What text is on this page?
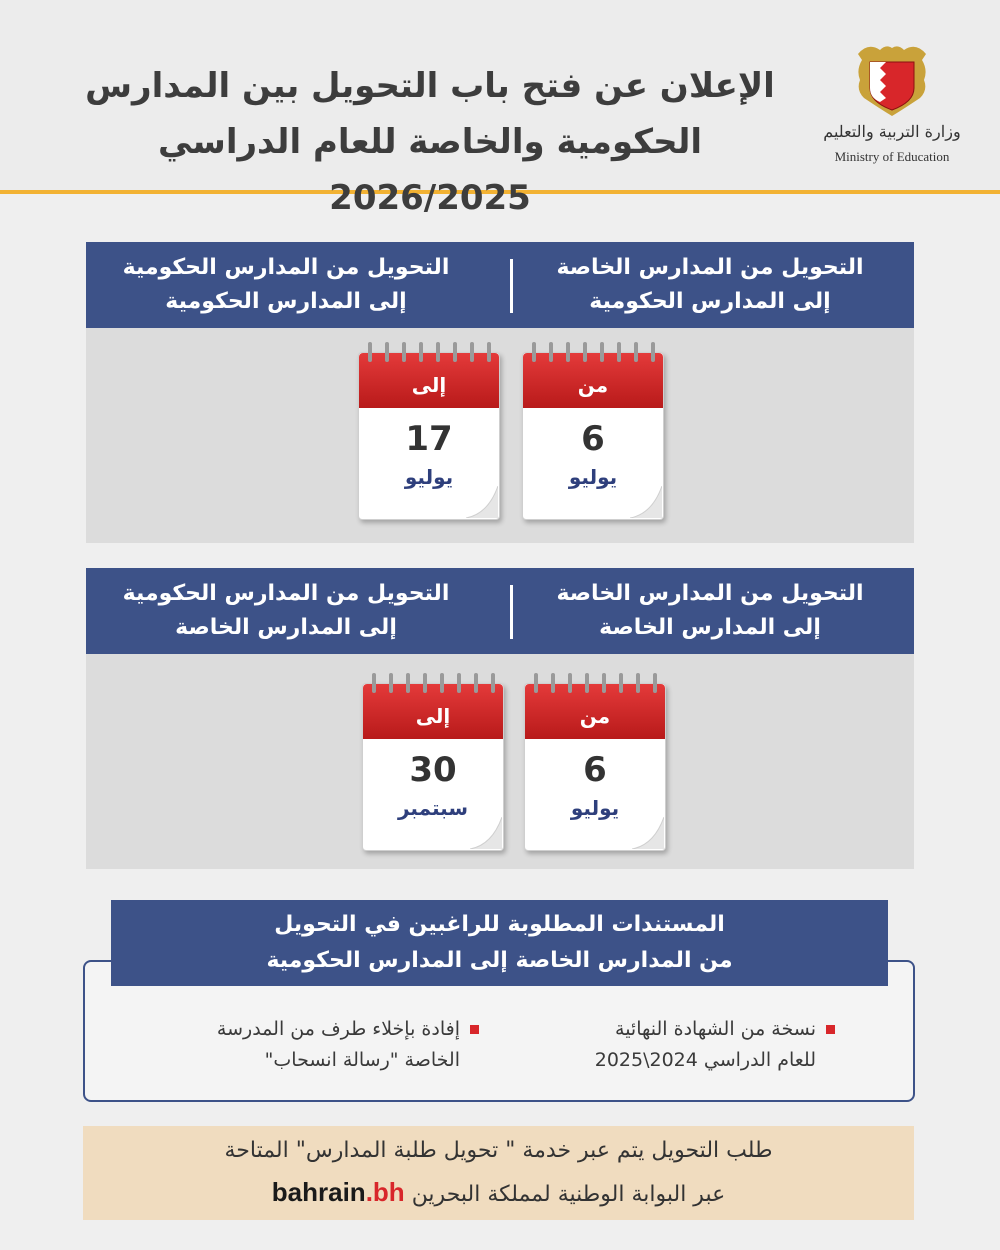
الإعلان عن فتح باب التحويل بين المدارس
الحكومية والخاصة للعام الدراسي 2026/2025
وزارة التربية والتعليم
Ministry of Education
التحويل من المدارس الخاصة
إلى المدارس الحكومية
التحويل من المدارس الحكومية
إلى المدارس الحكومية
من
6
يوليو
إلى
17
يوليو
التحويل من المدارس الخاصة
إلى المدارس الخاصة
التحويل من المدارس الحكومية
إلى المدارس الخاصة
من
6
يوليو
إلى
30
سبتمبر
نسخة من الشهادة النهائية
للعام الدراسي 2024\2025
إفادة بإخلاء طرف من المدرسة
الخاصة "رسالة انسحاب"
المستندات المطلوبة للراغبين في التحويل
من المدارس الخاصة إلى المدارس الحكومية
طلب التحويل يتم عبر خدمة " تحويل طلبة المدارس" المتاحة
bahrain.bh عبر البوابة الوطنية لمملكة البحرين
